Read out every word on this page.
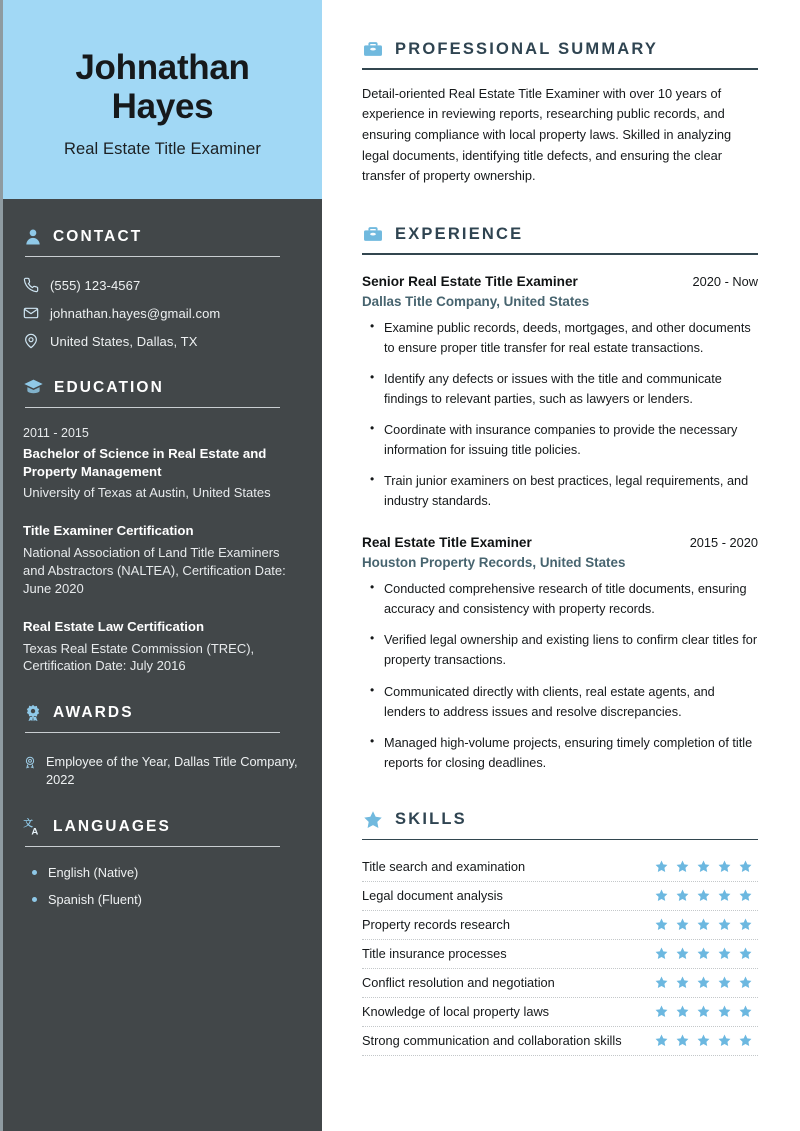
Johnathan
Hayes
Real Estate Title Examiner
CONTACT
(555) 123-4567
johnathan.hayes@gmail.com
United States, Dallas, TX
EDUCATION
2011 - 2015
Bachelor of Science in Real Estate and Property Management
University of Texas at Austin, United States
Title Examiner Certification
National Association of Land Title Examiners and Abstractors (NALTEA), Certification Date: June 2020
Real Estate Law Certification
Texas Real Estate Commission (TREC), Certification Date: July 2016
AWARDS
Employee of the Year, Dallas Title Company, 2022
文
A LANGUAGES
English (Native)
Spanish (Fluent)
PROFESSIONAL SUMMARY

Detail-oriented Real Estate Title Examiner with over 10 years of experience in reviewing reports, researching public records, and ensuring compliance with local property laws. Skilled in analyzing legal documents, identifying title defects, and ensuring the clear transfer of property ownership.

EXPERIENCE
Senior Real Estate Title Examiner	2020 - Now
Dallas Title Company, United States
• Examine public records, deeds, mortgages, and other documents to ensure proper title transfer for real estate transactions.
• Identify any defects or issues with the title and communicate findings to relevant parties, such as lawyers or lenders.
• Coordinate with insurance companies to provide the necessary information for issuing title policies.
• Train junior examiners on best practices, legal requirements, and industry standards.
Real Estate Title Examiner	2015 - 2020
Houston Property Records, United States
• Conducted comprehensive research of title documents, ensuring accuracy and consistency with property records.
• Verified legal ownership and existing liens to confirm clear titles for property transactions.
• Communicated directly with clients, real estate agents, and lenders to address issues and resolve discrepancies.
• Managed high-volume projects, ensuring timely completion of title reports for closing deadlines.
SKILLS
Title search and examination
Legal document analysis
Property records research
Title insurance processes
Conflict resolution and negotiation
Knowledge of local property laws
Strong communication and collaboration skills
